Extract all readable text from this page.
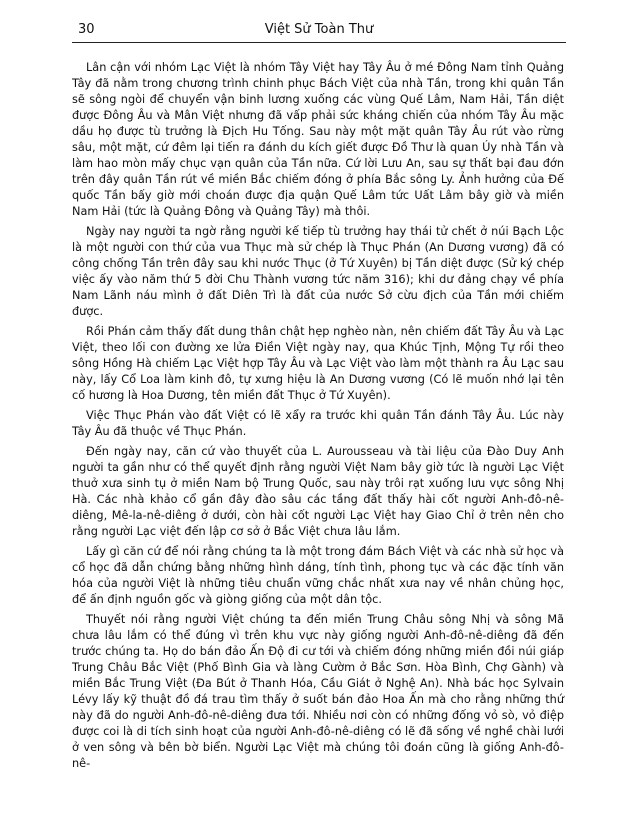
30	Việt Sử Toàn Thư

Lân cận với nhóm Lạc Việt là nhóm Tây Việt hay Tây Âu ở mé Đông Nam tỉnh Quảng Tây đã nằm trong chương trình chinh phục Bách Việt của nhà Tần, trong khi quân Tần sẽ sông ngòi để chuyển vận binh lương xuống các vùng Quế Lâm, Nam Hải, Tần diệt được Đông Âu và Mân Việt nhưng đã vấp phải sức kháng chiến của nhóm Tây Âu mặc dầu họ được tù trưởng là Địch Hu Tống. Sau này một mặt quân Tây Âu rút vào rừng sâu, một mặt, cứ đêm lại tiến ra đánh du kích giết được Đồ Thư là quan Úy nhà Tần và làm hao mòn mấy chục vạn quân của Tần nữa. Cứ lời Lưu An, sau sự thất bại đau đớn trên đây quân Tần rút về miền Bắc chiếm đóng ở phía Bắc sông Ly. Ảnh hưởng của Đế quốc Tần bấy giờ mới choán được địa quận Quế Lâm tức Uất Lâm bây giờ và miền Nam Hải (tức là Quảng Đông và Quảng Tây) mà thôi.

Ngày nay người ta ngờ rằng người kế tiếp tù trưởng hay thái tử chết ở núi Bạch Lộc là một người con thứ của vua Thục mà sử chép là Thục Phán (An Dương vương) đã có công chống Tần trên đây sau khi nước Thục (ở Tứ Xuyên) bị Tần diệt được (Sử ký chép việc ấy vào năm thứ 5 đời Chu Thành vương tức năm 316); khi dư đảng chạy về phía Nam Lãnh náu mình ở đất Diên Trì là đất của nước Sở cừu địch của Tần mới chiếm được.

Rồi Phán cảm thấy đất dung thân chật hẹp nghèo nàn, nên chiếm đất Tây Âu và Lạc Việt, theo lối con đường xe lửa Điền Việt ngày nay, qua Khúc Tịnh, Mộng Tự rồi theo sông Hồng Hà chiếm Lạc Việt hợp Tây Âu và Lạc Việt vào làm một thành ra Âu Lạc sau này, lấy Cổ Loa làm kinh đô, tự xưng hiệu là An Dương vương (Có lẽ muốn nhớ lại tên cố hương là Hoa Dương, tên miền đất Thục ở Tứ Xuyên).

Việc Thục Phán vào đất Việt có lẽ xẩy ra trước khi quân Tần đánh Tây Âu. Lúc này Tây Âu đã thuộc về Thục Phán.

Đến ngày nay, căn cứ vào thuyết của L. Aurousseau và tài liệu của Đào Duy Anh người ta gần như có thể quyết định rằng người Việt Nam bây giờ tức là người Lạc Việt thuở xưa sinh tụ ở miền Nam bộ Trung Quốc, sau này trôi rạt xuống lưu vực sông Nhị Hà. Các nhà khảo cổ gần đây đào sâu các tầng đất thấy hài cốt người Anh-đô-nê-diêng, Mê-la-nê-diêng ở dưới, còn hài cốt người Lạc Việt hay Giao Chỉ ở trên nên cho rằng người Lạc việt đến lập cơ sở ở Bắc Việt chưa lâu lắm.

Lấy gì căn cứ để nói rằng chúng ta là một trong đám Bách Việt và các nhà sử học và cổ học đã dẫn chứng bằng những hình dáng, tính tình, phong tục và các đặc tính văn hóa của người Việt là những tiêu chuẩn vững chắc nhất xưa nay về nhân chủng học, để ấn định nguồn gốc và giòng giống của một dân tộc.

Thuyết nói rằng người Việt chúng ta đến miền Trung Châu sông Nhị và sông Mã chưa lâu lắm có thể đúng vì trên khu vực này giống người Anh-đô-nê-diêng đã đến trước chúng ta. Họ do bán đảo Ấn Độ đi cư tới và chiếm đóng những miền đồi núi giáp Trung Châu Bắc Việt (Phố Bình Gia và làng Cườm ở Bắc Sơn. Hòa Bình, Chợ Gành) và miền Bắc Trung Việt (Đa Bút ở Thanh Hóa, Cầu Giát ở Nghệ An). Nhà bác học Sylvain Lévy lấy kỹ thuật đồ đá trau tìm thấy ở suốt bán đảo Hoa Ấn mà cho rằng những thứ này đã do người Anh-đô-nê-diêng đưa tới. Nhiều nơi còn có những đống vỏ sò, vỏ điệp được coi là di tích sinh hoạt của người Anh-đô-nê-diêng có lẽ đã sống về nghề chài lưới ở ven sông và bên bờ biển. Người Lạc Việt mà chúng tôi đoán cũng là giống Anh-đô-nê-
